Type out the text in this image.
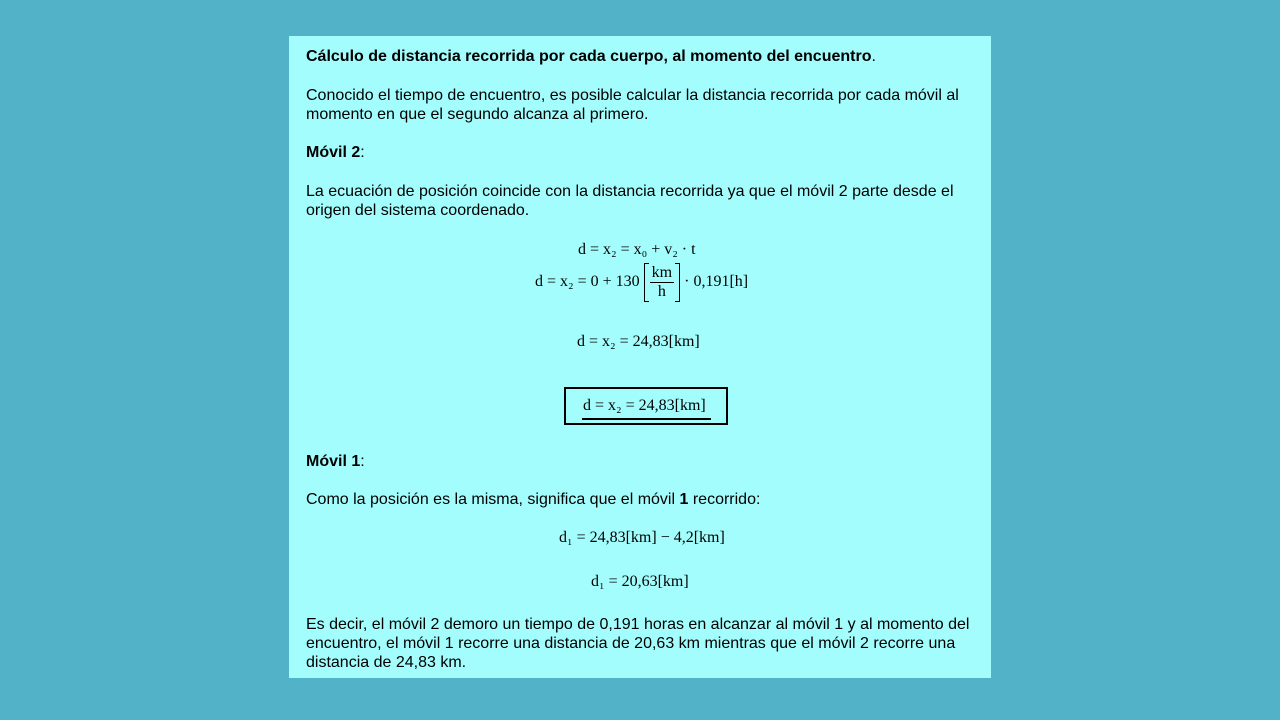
Cálculo de distancia recorrida por cada cuerpo, al momento del encuentro.

Conocido el tiempo de encuentro, es posible calcular la distancia recorrida por cada móvil al momento en que el segundo alcanza al primero.

Móvil 2:

La ecuación de posición coincide con la distancia recorrida ya que el móvil 2 parte desde el origen del sistema coordenado.

d = x₂ = x₀ + v₂ · t
$d = x_2 = 0 + 130 \frac{km}{h} \cdot 0,191[h]$
d = x₂ = 24,83[km]
d = x₂ = 24,83[km]

Móvil 1:

Como la posición es la misma, significa que el móvil 1 recorrido:

d₁ = 24,83[km] − 4,2[km]
d₁ = 20,63[km]

Es decir, el móvil 2 demoro un tiempo de 0,191 horas en alcanzar al móvil 1 y al momento del encuentro, el móvil 1 recorre una distancia de 20,63 km mientras que el móvil 2 recorre una distancia de 24,83 km.
